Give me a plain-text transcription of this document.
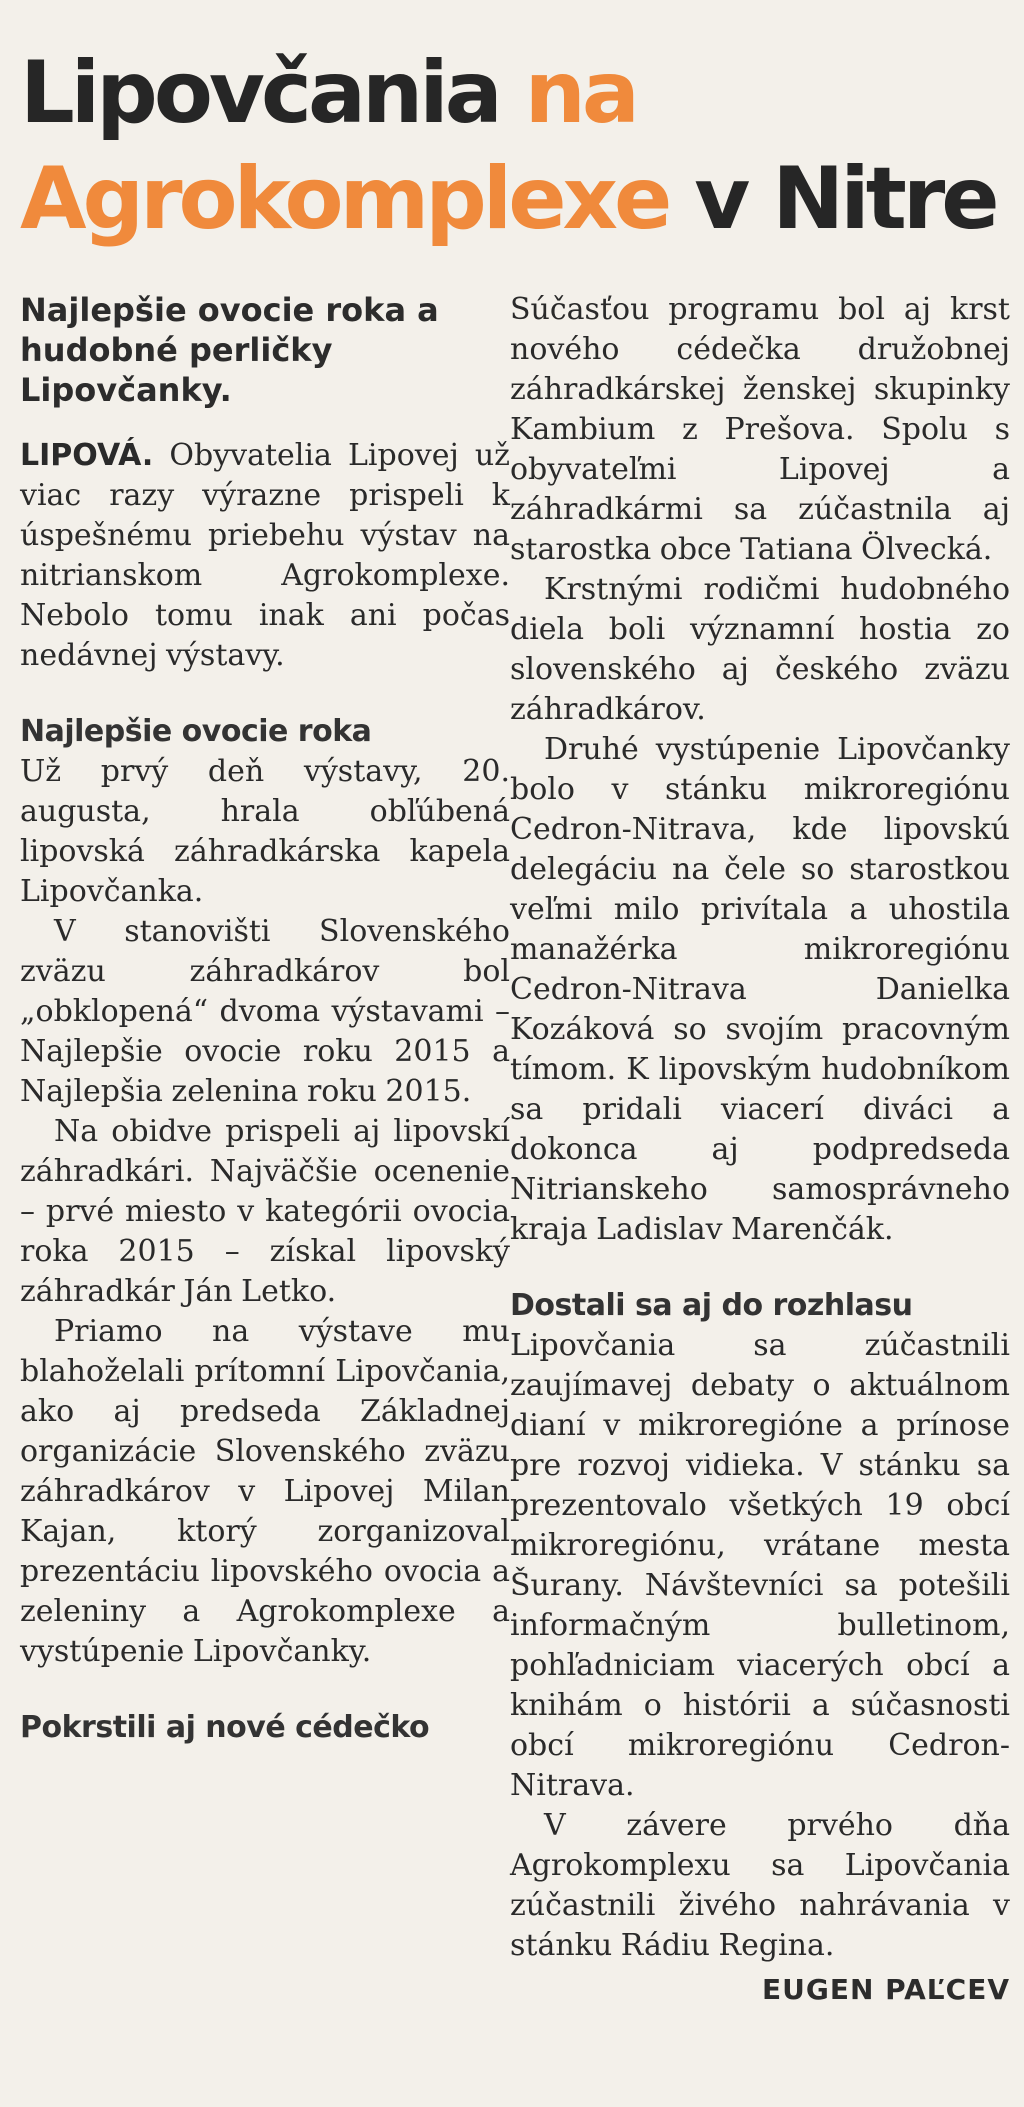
Lipovčania na Agrokomplexe v Nitre

Najlepšie ovocie roka a hudobné perličky Lipovčanky.

LIPOVÁ. Obyvatelia Lipovej už viac razy výrazne prispeli k úspešnému priebehu výstav na nitrianskom Agrokomplexe. Nebolo tomu inak ani počas nedávnej výstavy.

Najlepšie ovocie roka

Už prvý deň výstavy, 20. augusta, hrala obľúbená lipovská záhradkárska kapela Lipovčanka.

V stanovišti Slovenského zväzu záhradkárov bol „obklopená“ dvoma výstavami – Najlepšie ovocie roku 2015 a Najlepšia zelenina roku 2015.

Na obidve prispeli aj lipovskí záhradkári. Najväčšie ocenenie – prvé miesto v kategórii ovocia roka 2015 – získal lipovský záhradkár Ján Letko.

Priamo na výstave mu blahoželali prítomní Lipovčania, ako aj predseda Základnej organizácie Slovenského zväzu záhradkárov v Lipovej Milan Kajan, ktorý zorganizoval prezentáciu lipovského ovocia a zeleniny a Agrokomplexe a vystúpenie Lipovčanky.

Pokrstili aj nové cédečko

Súčasťou programu bol aj krst nového cédečka družobnej záhradkárskej ženskej skupinky Kambium z Prešova. Spolu s obyvateľmi Lipovej a záhradkármi sa zúčastnila aj starostka obce Tatiana Ölvecká.

Krstnými rodičmi hudobného diela boli významní hostia zo slovenského aj českého zväzu záhradkárov.

Druhé vystúpenie Lipovčanky bolo v stánku mikroregiónu Cedron-Nitrava, kde lipovskú delegáciu na čele so starostkou veľmi milo privítala a uhostila manažérka mikroregiónu Cedron-Nitrava Danielka Kozáková so svojím pracovným tímom. K lipovským hudobníkom sa pridali viacerí diváci a dokonca aj podpredseda Nitrianskeho samosprávneho kraja Ladislav Marenčák.

Dostali sa aj do rozhlasu

Lipovčania sa zúčastnili zaujímavej debaty o aktuálnom dianí v mikroregióne a prínose pre rozvoj vidieka. V stánku sa prezentovalo všetkých 19 obcí mikroregiónu, vrátane mesta Šurany. Návštevníci sa potešili informačným bulletinom, pohľadniciam viacerých obcí a knihám o histórii a súčasnosti obcí mikroregiónu Cedron-Nitrava.

V závere prvého dňa Agrokomplexu sa Lipovčania zúčastnili živého nahrávania v stánku Rádiu Regina.

EUGEN PAĽCEV
